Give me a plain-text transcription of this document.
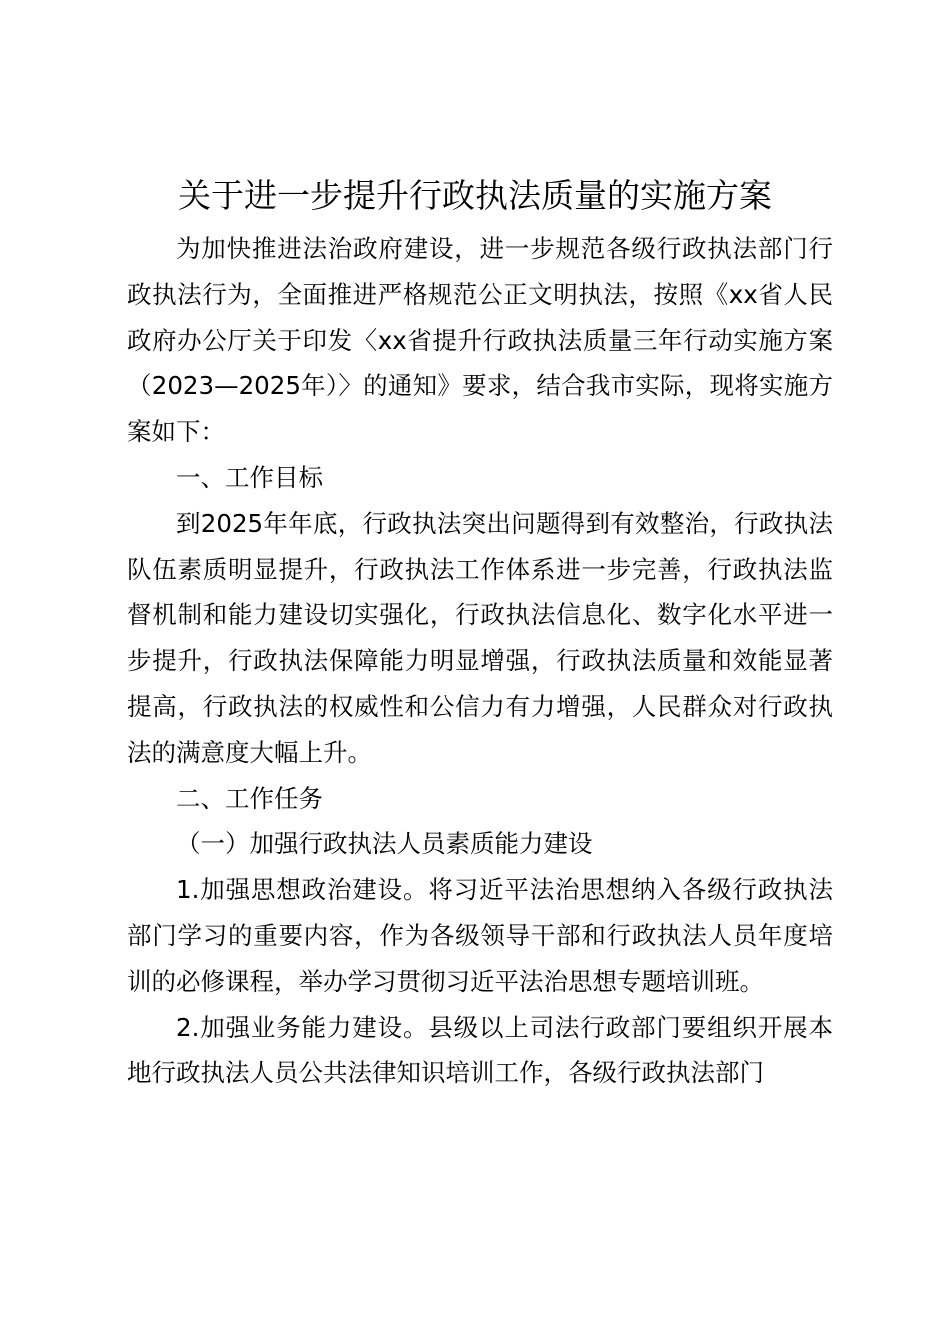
关于进一步提升行政执法质量的实施方案

为加快推进法治政府建设，进一步规范各级行政执法部门行政执法行为，全面推进严格规范公正文明执法，按照《xx省人民政府办公厅关于印发〈xx省提升行政执法质量三年行动实施方案（2023—2025年）〉的通知》要求，结合我市实际，现将实施方案如下：

一、工作目标

到2025年年底，行政执法突出问题得到有效整治，行政执法队伍素质明显提升，行政执法工作体系进一步完善，行政执法监督机制和能力建设切实强化，行政执法信息化、数字化水平进一步提升，行政执法保障能力明显增强，行政执法质量和效能显著提高，行政执法的权威性和公信力有力增强，人民群众对行政执法的满意度大幅上升。

二、工作任务

（一）加强行政执法人员素质能力建设

1.加强思想政治建设。将习近平法治思想纳入各级行政执法部门学习的重要内容，作为各级领导干部和行政执法人员年度培训的必修课程，举办学习贯彻习近平法治思想专题培训班。

2.加强业务能力建设。县级以上司法行政部门要组织开展本地行政执法人员公共法律知识培训工作，各级行政执法部门
